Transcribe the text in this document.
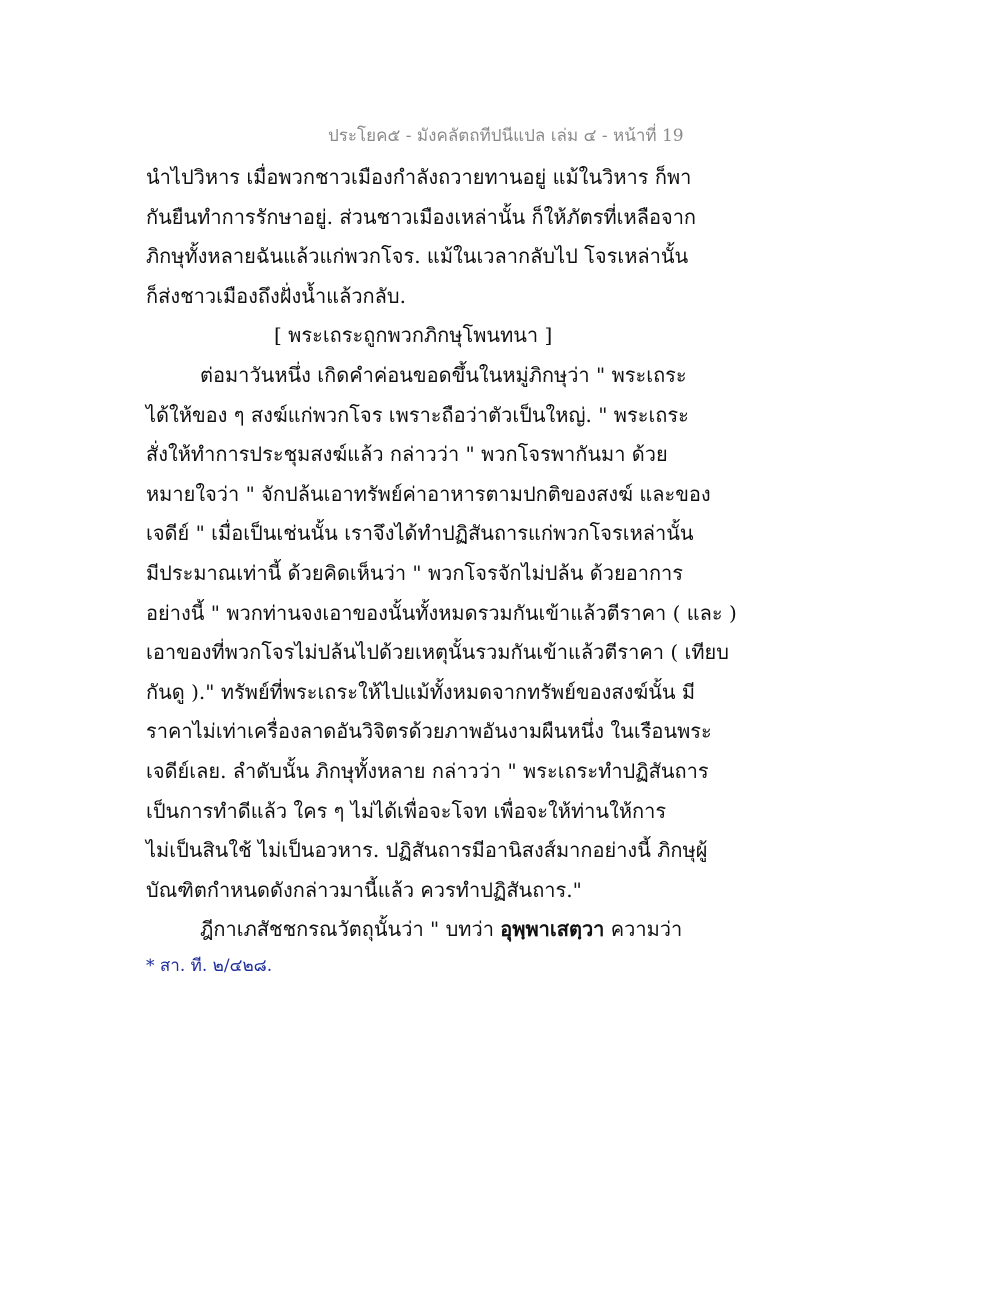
ประโยค๕ - มังคลัตถทีปนีแปล เล่ม ๔ - หน้าที่ 19
นำไปวิหาร เมื่อพวกชาวเมืองกำลังถวายทานอยู่ แม้ในวิหาร ก็พา
กันยืนทำการรักษาอยู่. ส่วนชาวเมืองเหล่านั้น ก็ให้ภัตรที่เหลือจาก
ภิกษุทั้งหลายฉันแล้วแก่พวกโจร. แม้ในเวลากลับไป โจรเหล่านั้น
ก็ส่งชาวเมืองถึงฝั่งน้ำแล้วกลับ.
[ พระเถระถูกพวกภิกษุโพนทนา ]
ต่อมาวันหนึ่ง เกิดคำค่อนขอดขึ้นในหมู่ภิกษุว่า " พระเถระ
ได้ให้ของ ๆ สงฆ์แก่พวกโจร เพราะถือว่าตัวเป็นใหญ่. " พระเถระ
สั่งให้ทำการประชุมสงฆ์แล้ว กล่าวว่า " พวกโจรพากันมา ด้วย
หมายใจว่า " จักปล้นเอาทรัพย์ค่าอาหารตามปกติของสงฆ์ และของ
เจดีย์ " เมื่อเป็นเช่นนั้น เราจึงได้ทำปฏิสันถารแก่พวกโจรเหล่านั้น
มีประมาณเท่านี้ ด้วยคิดเห็นว่า " พวกโจรจักไม่ปล้น ด้วยอาการ
อย่างนี้ " พวกท่านจงเอาของนั้นทั้งหมดรวมกันเข้าแล้วตีราคา ( และ )
เอาของที่พวกโจรไม่ปล้นไปด้วยเหตุนั้นรวมกันเข้าแล้วตีราคา ( เทียบ
กันดู )." ทรัพย์ที่พระเถระให้ไปแม้ทั้งหมดจากทรัพย์ของสงฆ์นั้น มี
ราคาไม่เท่าเครื่องลาดอันวิจิตรด้วยภาพอันงามผืนหนึ่ง ในเรือนพระ
เจดีย์เลย. ลำดับนั้น ภิกษุทั้งหลาย กล่าวว่า " พระเถระทำปฏิสันถาร
เป็นการทำดีแล้ว ใคร ๆ ไม่ได้เพื่อจะโจท เพื่อจะให้ท่านให้การ
ไม่เป็นสินใช้ ไม่เป็นอวหาร. ปฏิสันถารมีอานิสงส์มากอย่างนี้ ภิกษุผู้
บัณฑิตกำหนดดังกล่าวมานี้แล้ว ควรทำปฏิสันถาร."
ฎีกาเภสัชชกรณวัตถุนั้นว่า " บทว่า อุพฺพาเสตฺวา ความว่า
* สา. ที. ๒/๔๒๘.
